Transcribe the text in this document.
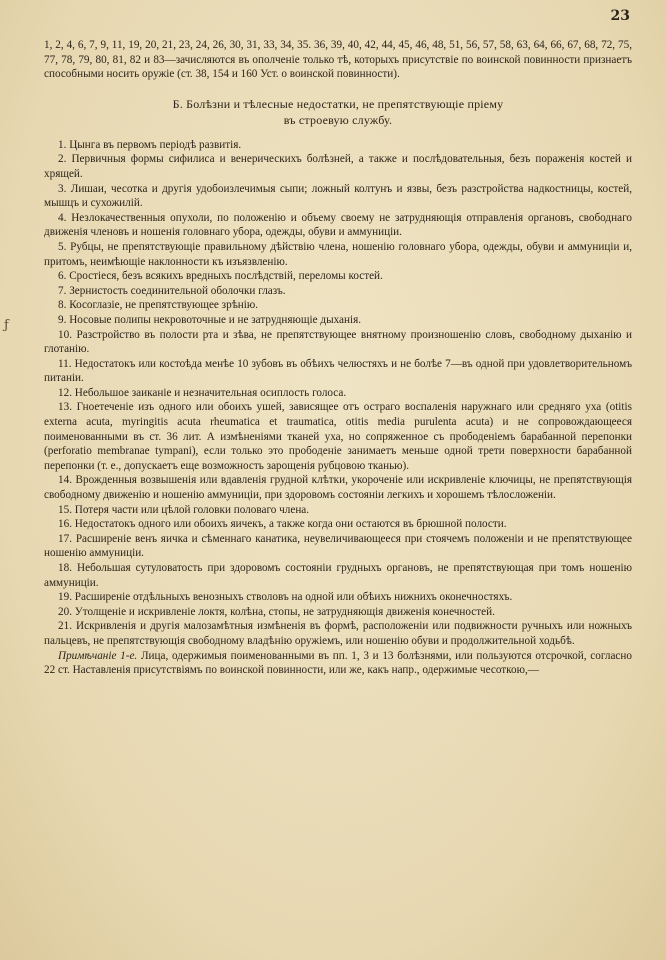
23
ƒ

1, 2, 4, 6, 7, 9, 11, 19, 20, 21, 23, 24, 26, 30, 31, 33, 34, 35. 36, 39, 40, 42, 44, 45, 46, 48, 51, 56, 57, 58, 63, 64, 66, 67, 68, 72, 75, 77, 78, 79, 80, 81, 82 и 83—зачисляются въ ополченіе только тѣ, которыхъ присутствіе по воинской повинности признаетъ способными носить оружіе (ст. 38, 154 и 160 Уст. о воинской повинности).

Б. Болѣзни и тѣлесные недостатки, не препятствующіе пріему
въ строевую службу.

1. Цынга въ первомъ періодѣ развитія.

2. Первичныя формы сифилиса и венерическихъ болѣзней, а также и послѣдовательныя, безъ пораженія костей и хрящей.

3. Лишаи, чесотка и другія удобоизлечимыя сыпи; ложный колтунъ и язвы, безъ разстройства надкостницы, костей, мышцъ и сухожилій.

4. Незлокачественныя опухоли, по положенію и объему своему не затрудняющія отправленія органовъ, свободнаго движенія членовъ и ношенія головнаго убора, одежды, обуви и аммуниціи.

5. Рубцы, не препятствующіе правильному дѣйствію члена, ношенію головнаго убора, одежды, обуви и аммуниціи и, притомъ, неимѣющіе наклонности къ изъязвленію.

6. Сростіеся, безъ всякихъ вредныхъ послѣдствій, переломы костей.

7. Зернистость соединительной оболочки глазъ.

8. Косоглазіе, не препятствующее зрѣнію.

9. Носовые полипы некровоточные и не затрудняющіе дыханія.

10. Разстройство въ полости рта и зѣва, не препятствующее внятному произношенію словъ, свободному дыханію и глотанію.

11. Недостатокъ или костоѣда менѣе 10 зубовъ въ обѣихъ челюстяхъ и не болѣе 7—въ одной при удовлетворительномъ питаніи.

12. Небольшое заиканіе и незначительная осиплость голоса.

13. Гноетеченіе изъ одного или обоихъ ушей, зависящее отъ остраго воспаленія наружнаго или средняго уха (otitis externa acuta, myringitis acuta rheumatica et traumatica, otitis media purulenta acuta) и не сопровождающееся поименованными въ ст. 36 лит. А измѣненіями тканей уха, но сопряженное съ прободеніемъ барабанной перепонки (perforatio membranae tympani), если только это прободеніе занимаетъ меньше одной трети поверхности барабанной перепонки (т. е., допускаетъ еще возможность зарощенія рубцовою тканью).

14. Врожденныя возвышенія или вдавленія грудной клѣтки, укороченіе или искривленіе ключицы, не препятствующія свободному движенію и ношенію аммуниціи, при здоровомъ состояніи легкихъ и хорошемъ тѣлосложеніи.

15. Потеря части или цѣлой головки половаго члена.

16. Недостатокъ одного или обоихъ яичекъ, а также когда они остаются въ брюшной полости.

17. Расширеніе венъ яичка и сѣменнаго канатика, неувеличивающееся при стоячемъ положеніи и не препятствующее ношенію аммуниціи.

18. Небольшая сутуловатость при здоровомъ состояніи грудныхъ органовъ, не препятствующая при томъ ношенію аммуниціи.

19. Расширеніе отдѣльныхъ венозныхъ стволовъ на одной или обѣихъ нижнихъ оконечностяхъ.

20. Утолщеніе и искривленіе локтя, колѣна, стопы, не затрудняющія движенія конечностей.

21. Искривленія и другія малозамѣтныя измѣненія въ формѣ, расположеніи или подвижности ручныхъ или ножныхъ пальцевъ, не препятствующія свободному владѣнію оружіемъ, или ношенію обуви и продолжительной ходьбѣ.

Примѣчаніе 1-е. Лица, одержимыя поименованными въ пп. 1, 3 и 13 болѣзнями, или пользуются отсрочкой, согласно 22 ст. Наставленія присутствіямъ по воинской повинности, или же, какъ напр., одержимые чесоткою,—
